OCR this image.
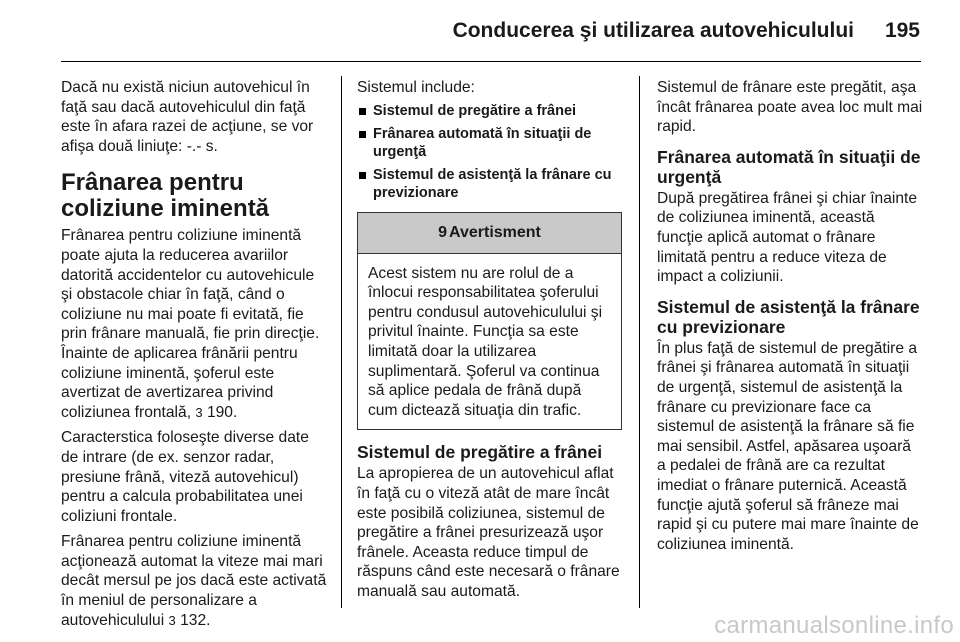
Conducerea şi utilizarea autovehiculului 195

Dacă nu există niciun autovehicul în faţă sau dacă autovehiculul din faţă este în afara razei de acţiune, se vor afişa două liniuţe: -.- s.

Frânarea pentru coliziune iminentă

Frânarea pentru coliziune iminentă poate ajuta la reducerea avariilor datorită accidentelor cu autovehicule şi obstacole chiar în faţă, când o coliziune nu mai poate fi evitată, fie prin frânare manuală, fie prin direcţie. Înainte de aplicarea frânării pentru coliziune iminentă, şoferul este avertizat de avertizarea privind coliziunea frontală, 3 190.

Caracterstica foloseşte diverse date de intrare (de ex. senzor radar, presiune frână, viteză autovehicul) pentru a calcula probabilitatea unei coliziuni frontale.

Frânarea pentru coliziune iminentă acţionează automat la viteze mai mari decât mersul pe jos dacă este activată în meniul de personalizare a autovehiculului 3 132.

Sistemul include:

Sistemul de pregătire a frânei
Frânarea automată în situaţii de urgenţă
Sistemul de asistenţă la frânare cu previzionare
9 Avertisment
Acest sistem nu are rolul de a înlocui responsabilitatea şoferului pentru condusul autovehiculului şi privitul înainte. Funcţia sa este limitată doar la utilizarea suplimentară. Şoferul va continua să aplice pedala de frână după cum dictează situaţia din trafic.
Sistemul de pregătire a frânei

La apropierea de un autovehicul aflat în faţă cu o viteză atât de mare încât este posibilă coliziunea, sistemul de pregătire a frânei presurizează uşor frânele. Aceasta reduce timpul de răspuns când este necesară o frânare manuală sau automată.

Sistemul de frânare este pregătit, aşa încât frânarea poate avea loc mult mai rapid.

Frânarea automată în situaţii de urgenţă

După pregătirea frânei şi chiar înainte de coliziunea iminentă, această funcţie aplică automat o frânare limitată pentru a reduce viteza de impact a coliziunii.

Sistemul de asistenţă la frânare cu previzionare

În plus faţă de sistemul de pregătire a frânei şi frânarea automată în situaţii de urgenţă, sistemul de asistenţă la frânare cu previzionare face ca sistemul de asistenţă la frânare să fie mai sensibil. Astfel, apăsarea uşoară a pedalei de frână are ca rezultat imediat o frânare puternică. Această funcţie ajută şoferul să frâneze mai rapid şi cu putere mai mare înainte de coliziunea iminentă.

carmanualsonline.info
